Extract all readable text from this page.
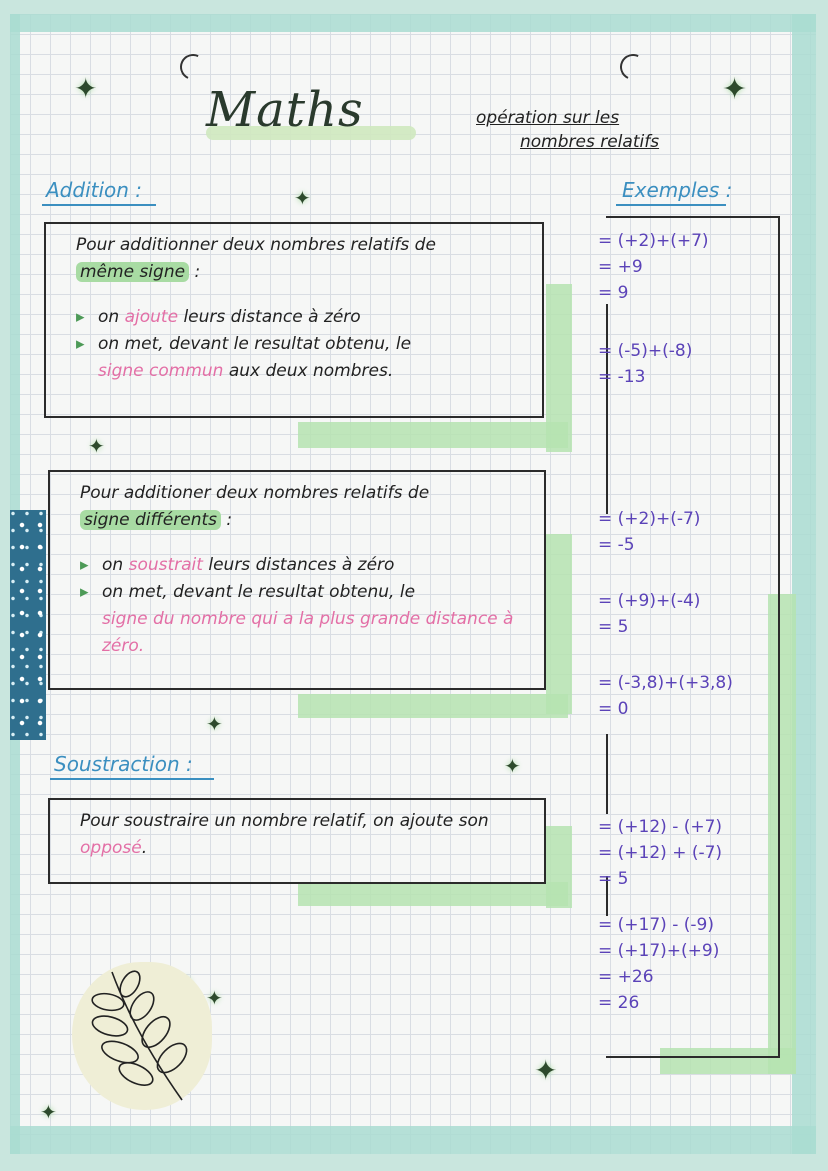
✦	✦
✦
✦
✦
✦
✦
✦
✦
Maths	opération sur les
nombres relatifs
Addition :	Exemples :
Soustraction :

Pour additionner deux nombres relatifs de

même signe :

▸ on ajoute leurs distance à zéro
▸ on met, devant le resultat obtenu, le
signe commun aux deux nombres.

Pour additioner deux nombres relatifs de

signe différents :

▸ on soustrait leurs distances à zéro
▸ on met, devant le resultat obtenu, le
signe du nombre qui a la plus grande distance à zéro.

Pour soustraire un nombre relatif, on ajoute son opposé.

= (+2)+(+7)
= +9
= 9
= (-5)+(-8)
= -13
= (+2)+(-7)
= -5
= (+9)+(-4)
= 5
= (-3,8)+(+3,8)
= 0
= (+12) - (+7)
= (+12) + (-7)
= 5
= (+17) - (-9)
= (+17)+(+9)
= +26
= 26
